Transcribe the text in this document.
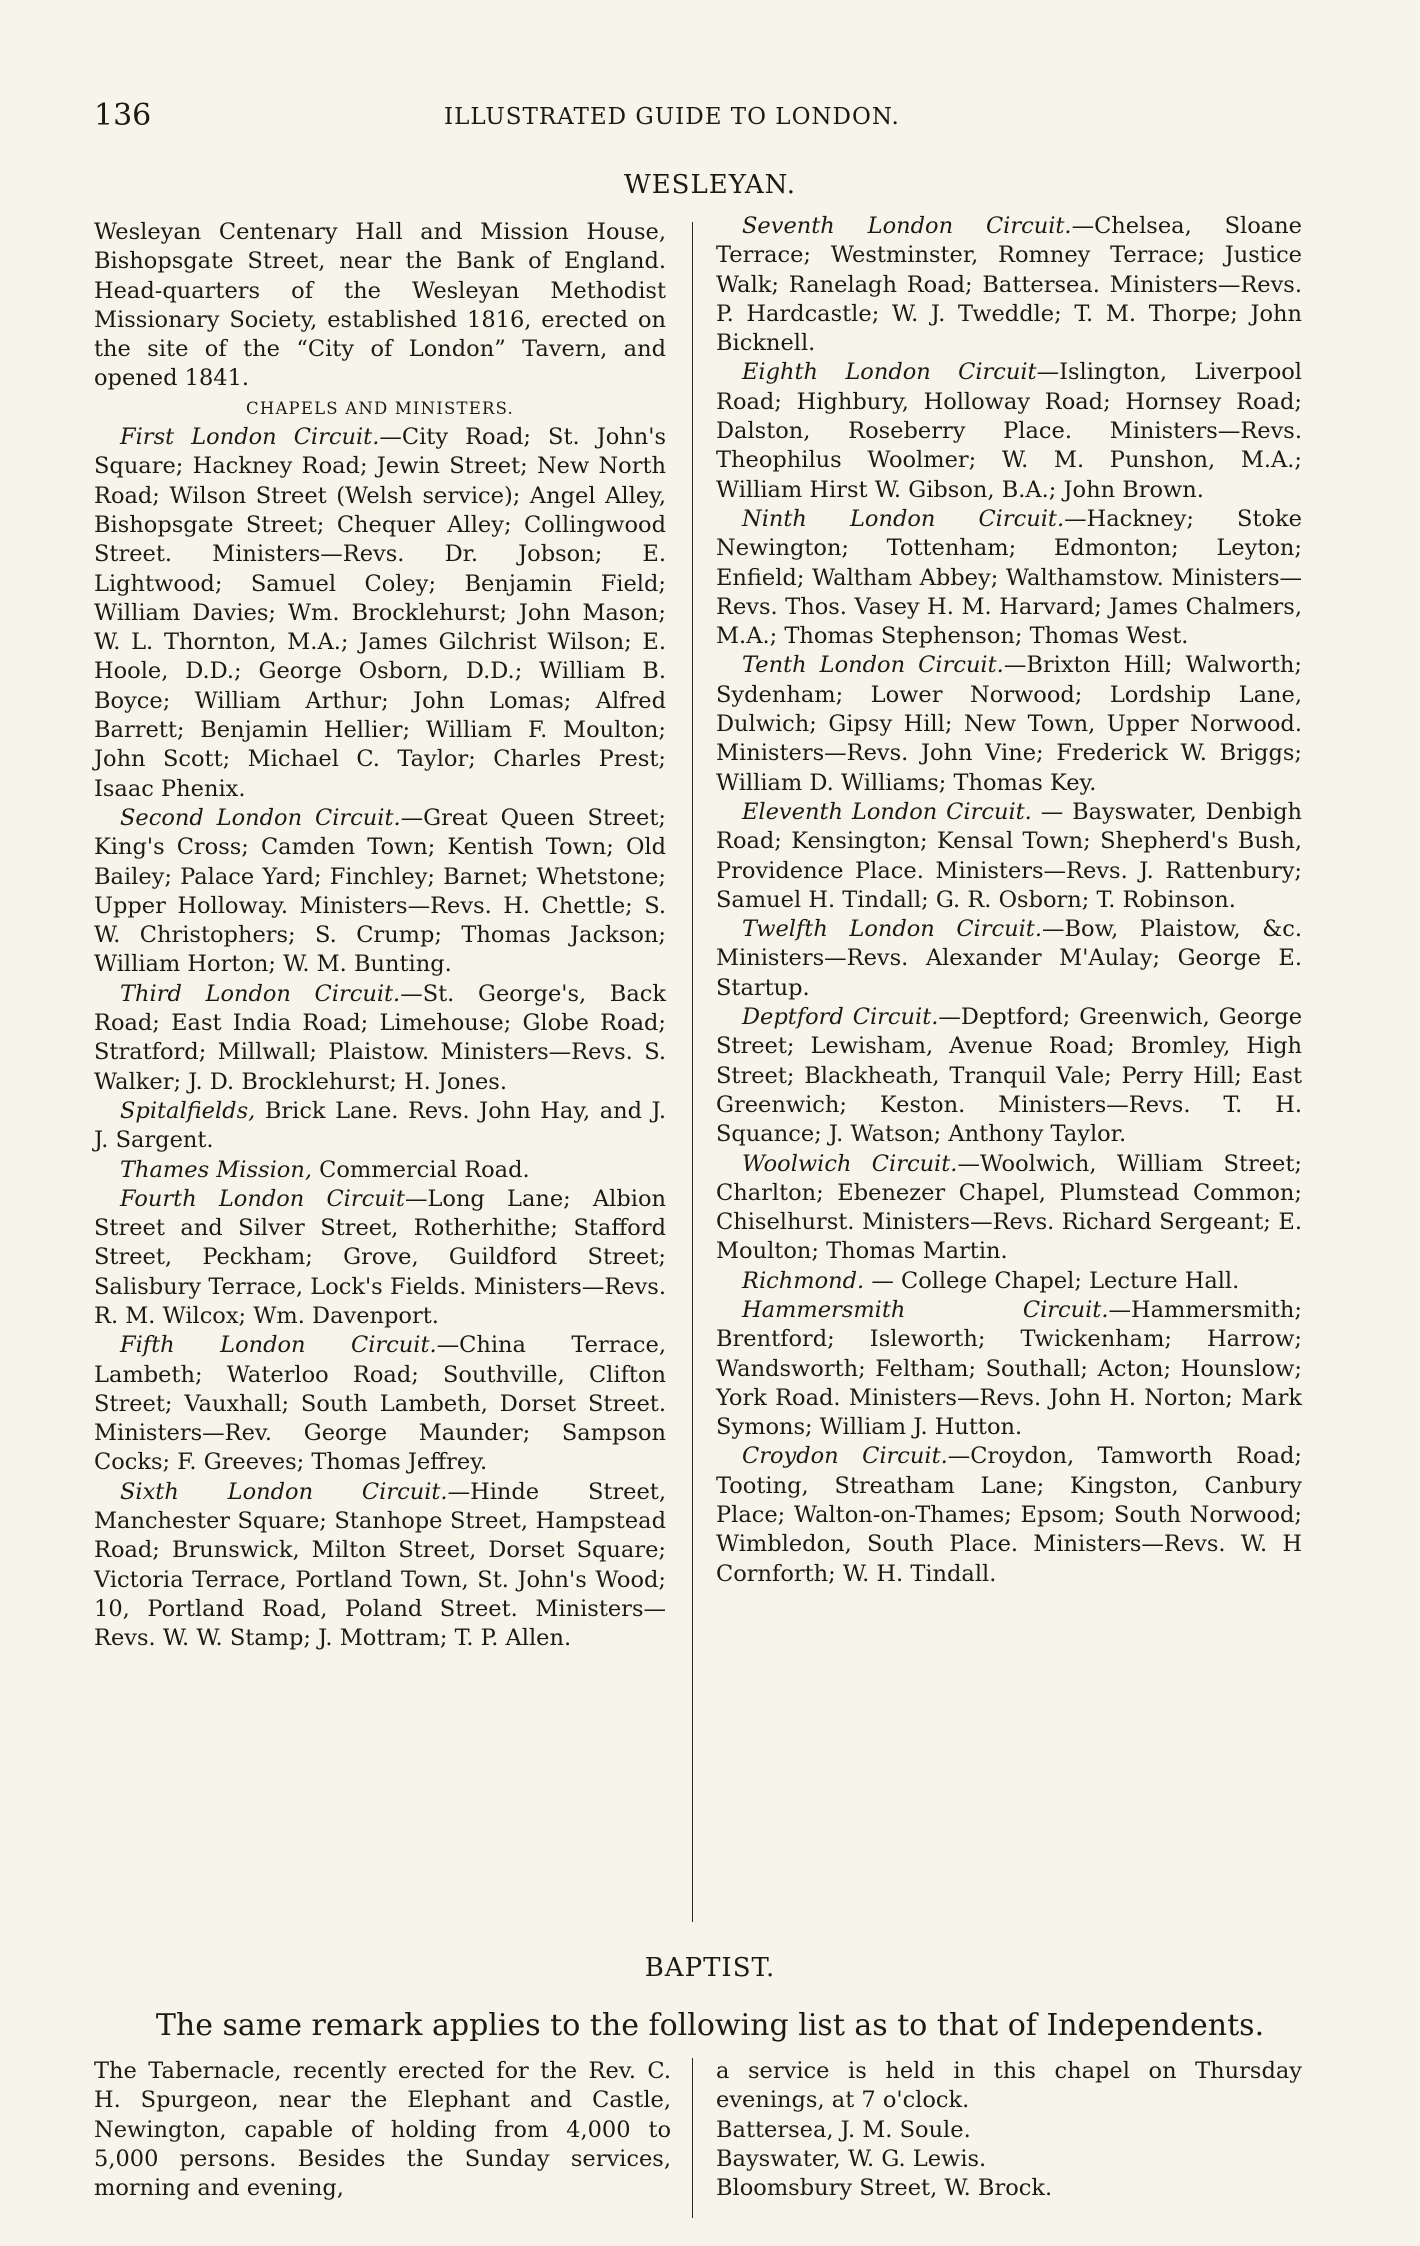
136	ILLUSTRATED GUIDE TO LONDON.
WESLEYAN.

Wesleyan Centenary Hall and Mission House, Bishopsgate Street, near the Bank of England. Head-quarters of the Wesleyan Methodist Missionary Society, established 1816, erected on the site of the “City of London” Tavern, and opened 1841.

CHAPELS AND MINISTERS.

First London Circuit.—City Road; St. John's Square; Hackney Road; Jewin Street; New North Road; Wilson Street (Welsh service); Angel Alley, Bishopsgate Street; Chequer Alley; Collingwood Street. Ministers—Revs. Dr. Jobson; E. Lightwood; Samuel Coley; Benjamin Field; William Davies; Wm. Brocklehurst; John Mason; W. L. Thornton, M.A.; James Gilchrist Wilson; E. Hoole, D.D.; George Osborn, D.D.; William B. Boyce; William Arthur; John Lomas; Alfred Barrett; Benjamin Hellier; William F. Moulton; John Scott; Michael C. Taylor; Charles Prest; Isaac Phenix.

Second London Circuit.—Great Queen Street; King's Cross; Camden Town; Kentish Town; Old Bailey; Palace Yard; Finchley; Barnet; Whetstone; Upper Holloway. Ministers—Revs. H. Chettle; S. W. Christophers; S. Crump; Thomas Jackson; William Horton; W. M. Bunting.

Third London Circuit.—St. George's, Back Road; East India Road; Limehouse; Globe Road; Stratford; Millwall; Plaistow. Ministers—Revs. S. Walker; J. D. Brocklehurst; H. Jones.

Spitalfields, Brick Lane. Revs. John Hay, and J. J. Sargent.

Thames Mission, Commercial Road.

Fourth London Circuit—Long Lane; Albion Street and Silver Street, Rotherhithe; Stafford Street, Peckham; Grove, Guildford Street; Salisbury Terrace, Lock's Fields. Ministers—Revs. R. M. Wilcox; Wm. Davenport.

Fifth London Circuit.—China Terrace, Lambeth; Waterloo Road; Southville, Clifton Street; Vauxhall; South Lambeth, Dorset Street. Ministers—Rev. George Maunder; Sampson Cocks; F. Greeves; Thomas Jeffrey.

Sixth London Circuit.—Hinde Street, Manchester Square; Stanhope Street, Hampstead Road; Brunswick, Milton Street, Dorset Square; Victoria Terrace, Portland Town, St. John's Wood; 10, Portland Road, Poland Street. Ministers—Revs. W. W. Stamp; J. Mottram; T. P. Allen.

Seventh London Circuit.—Chelsea, Sloane Terrace; Westminster, Romney Terrace; Justice Walk; Ranelagh Road; Battersea. Ministers—Revs. P. Hardcastle; W. J. Tweddle; T. M. Thorpe; John Bicknell.

Eighth London Circuit—Islington, Liverpool Road; Highbury, Holloway Road; Hornsey Road; Dalston, Roseberry Place. Ministers—Revs. Theophilus Woolmer; W. M. Punshon, M.A.; William Hirst W. Gibson, B.A.; John Brown.

Ninth London Circuit.—Hackney; Stoke Newington; Tottenham; Edmonton; Leyton; Enfield; Waltham Abbey; Walthamstow. Ministers—Revs. Thos. Vasey H. M. Harvard; James Chalmers, M.A.; Thomas Stephenson; Thomas West.

Tenth London Circuit.—Brixton Hill; Walworth; Sydenham; Lower Norwood; Lordship Lane, Dulwich; Gipsy Hill; New Town, Upper Norwood. Ministers—Revs. John Vine; Frederick W. Briggs; William D. Williams; Thomas Key.

Eleventh London Circuit. — Bayswater, Denbigh Road; Kensington; Kensal Town; Shepherd's Bush, Providence Place. Ministers—Revs. J. Rattenbury; Samuel H. Tindall; G. R. Osborn; T. Robinson.

Twelfth London Circuit.—Bow, Plaistow, &c. Ministers—Revs. Alexander M'Aulay; George E. Startup.

Deptford Circuit.—Deptford; Greenwich, George Street; Lewisham, Avenue Road; Bromley, High Street; Blackheath, Tranquil Vale; Perry Hill; East Greenwich; Keston. Ministers—Revs. T. H. Squance; J. Watson; Anthony Taylor.

Woolwich Circuit.—Woolwich, William Street; Charlton; Ebenezer Chapel, Plumstead Common; Chiselhurst. Ministers—Revs. Richard Sergeant; E. Moulton; Thomas Martin.

Richmond. — College Chapel; Lecture Hall.

Hammersmith Circuit.—Hammersmith; Brentford; Isleworth; Twickenham; Harrow; Wandsworth; Feltham; Southall; Acton; Hounslow; York Road. Ministers—Revs. John H. Norton; Mark Symons; William J. Hutton.

Croydon Circuit.—Croydon, Tamworth Road; Tooting, Streatham Lane; Kingston, Canbury Place; Walton-on-Thames; Epsom; South Norwood; Wimbledon, South Place. Ministers—Revs. W. H Cornforth; W. H. Tindall.

BAPTIST.
The same remark applies to the following list as to that of Independents.

The Tabernacle, recently erected for the Rev. C. H. Spurgeon, near the Elephant and Castle, Newington, capable of holding from 4,000 to 5,000 persons. Besides the Sunday services, morning and evening,

a service is held in this chapel on Thursday evenings, at 7 o'clock.

Battersea, J. M. Soule.

Bayswater, W. G. Lewis.

Bloomsbury Street, W. Brock.
